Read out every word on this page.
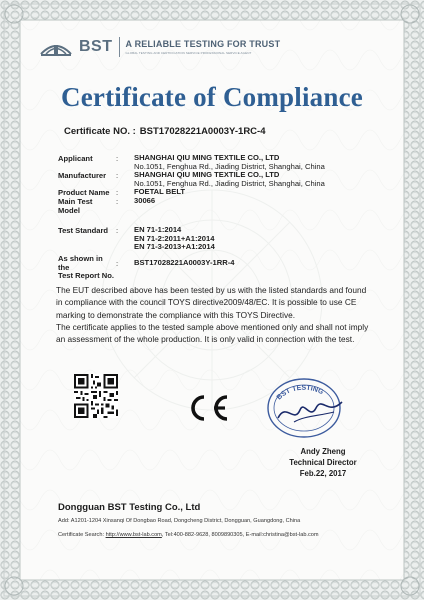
BST A RELIABLE TESTING FOR TRUST
GLOBAL TESTING AND CERTIFICATION SERVICE PROFESSIONAL SERVICE AGENT
Certificate of Compliance
Certificate NO. : BST17028221A0003Y-1RC-4
Applicant	:	SHANGHAI QIU MING TEXTILE CO., LTD
No.1051, Fenghua Rd., Jiading District, Shanghai, China
Manufacturer	:	SHANGHAI QIU MING TEXTILE CO., LTD
No.1051, Fenghua Rd., Jiading District, Shanghai, China
Product Name :	FOETAL BELT
Main Test Model
:	30066
Test Standard	:	EN 71-1:2014
EN 71-2:2011+A1:2014
EN 71-3-2013+A1:2014
As shown in the
Test Report No.
:	BST17028221A0003Y-1RR-4
The EUT described above has been tested by us with the listed standards and found
in compliance with the council TOYS directive2009/48/EC. It is possible to use CE
marking to demonstrate the compliance with this TOYS Directive.
The certificate applies to the tested sample above mentioned only and shall not imply
an assessment of the whole production. It is only valid in connection with the test.
BST TESTING
Andy Zheng
Technical Director
Feb.22, 2017
Dongguan BST Testing Co., Ltd
Add: A1201-1204 Xinsanqi Of Dongbao Road, Dongcheng District, Dongguan, Guangdong, China
Certificate Search: http://www.bst-lab.com, Tel:400-882-9628, 8009890305, E-mail:christina@bst-lab.com
